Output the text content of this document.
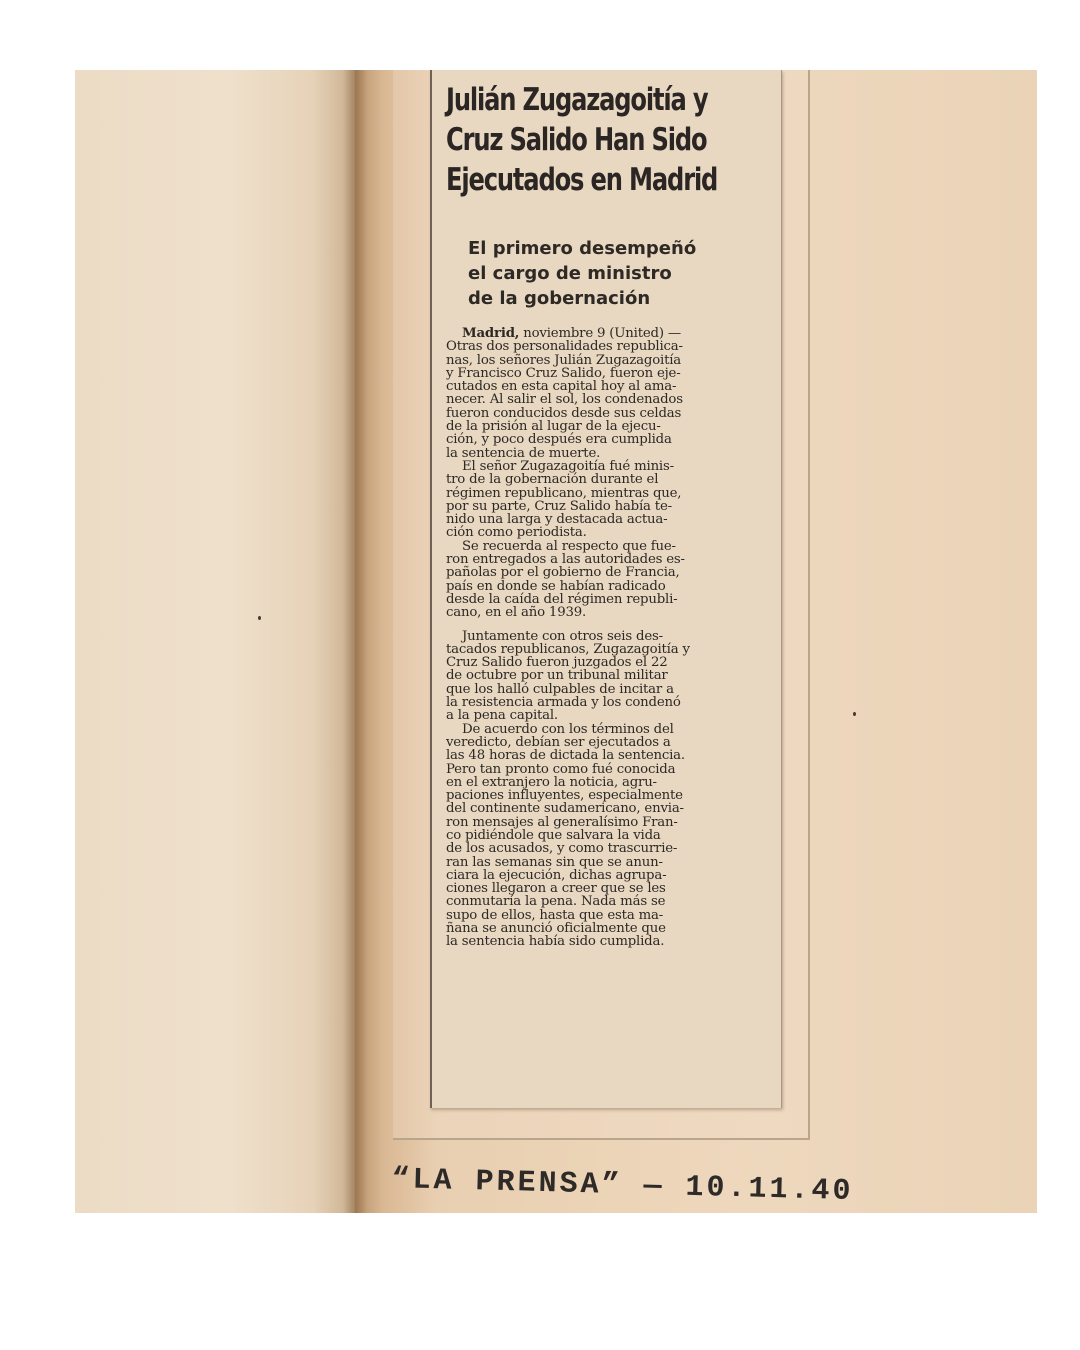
Julián Zugazagoitía y
Cruz Salido Han Sido
Ejecutados en Madrid
El primero desempeñó
el cargo de ministro
de la gobernación
Madrid, noviembre 9 (United) —
Otras dos personalidades republica-
nas, los señores Julián Zugazagoitía
y Francisco Cruz Salido, fueron eje-
cutados en esta capital hoy al ama-
necer. Al salir el sol, los condenados
fueron conducidos desde sus celdas
de la prisión al lugar de la ejecu-
ción, y poco después era cumplida
la sentencia de muerte.
El señor Zugazagoitía fué minis-
tro de la gobernación durante el
régimen republicano, mientras que,
por su parte, Cruz Salido había te-
nido una larga y destacada actua-
ción como periodista.
Se recuerda al respecto que fue-
ron entregados a las autoridades es-
pañolas por el gobierno de Francia,
país en donde se habían radicado
desde la caída del régimen republi-
cano, en el año 1939.
Juntamente con otros seis des-
tacados republicanos, Zugazagoitía y
Cruz Salido fueron juzgados el 22
de octubre por un tribunal militar
que los halló culpables de incitar a
la resistencia armada y los condenó
a la pena capital.
De acuerdo con los términos del
veredicto, debían ser ejecutados a
las 48 horas de dictada la sentencia.
Pero tan pronto como fué conocida
en el extranjero la noticia, agru-
paciones influyentes, especialmente
del continente sudamericano, envia-
ron mensajes al generalísimo Fran-
co pidiéndole que salvara la vida
de los acusados, y como trascurrie-
ran las semanas sin que se anun-
ciara la ejecución, dichas agrupa-
ciones llegaron a creer que se les
conmutaría la pena. Nada más se
supo de ellos, hasta que esta ma-
ñana se anunció oficialmente que
la sentencia había sido cumplida.
“LA PRENSA” — 10.11.40
